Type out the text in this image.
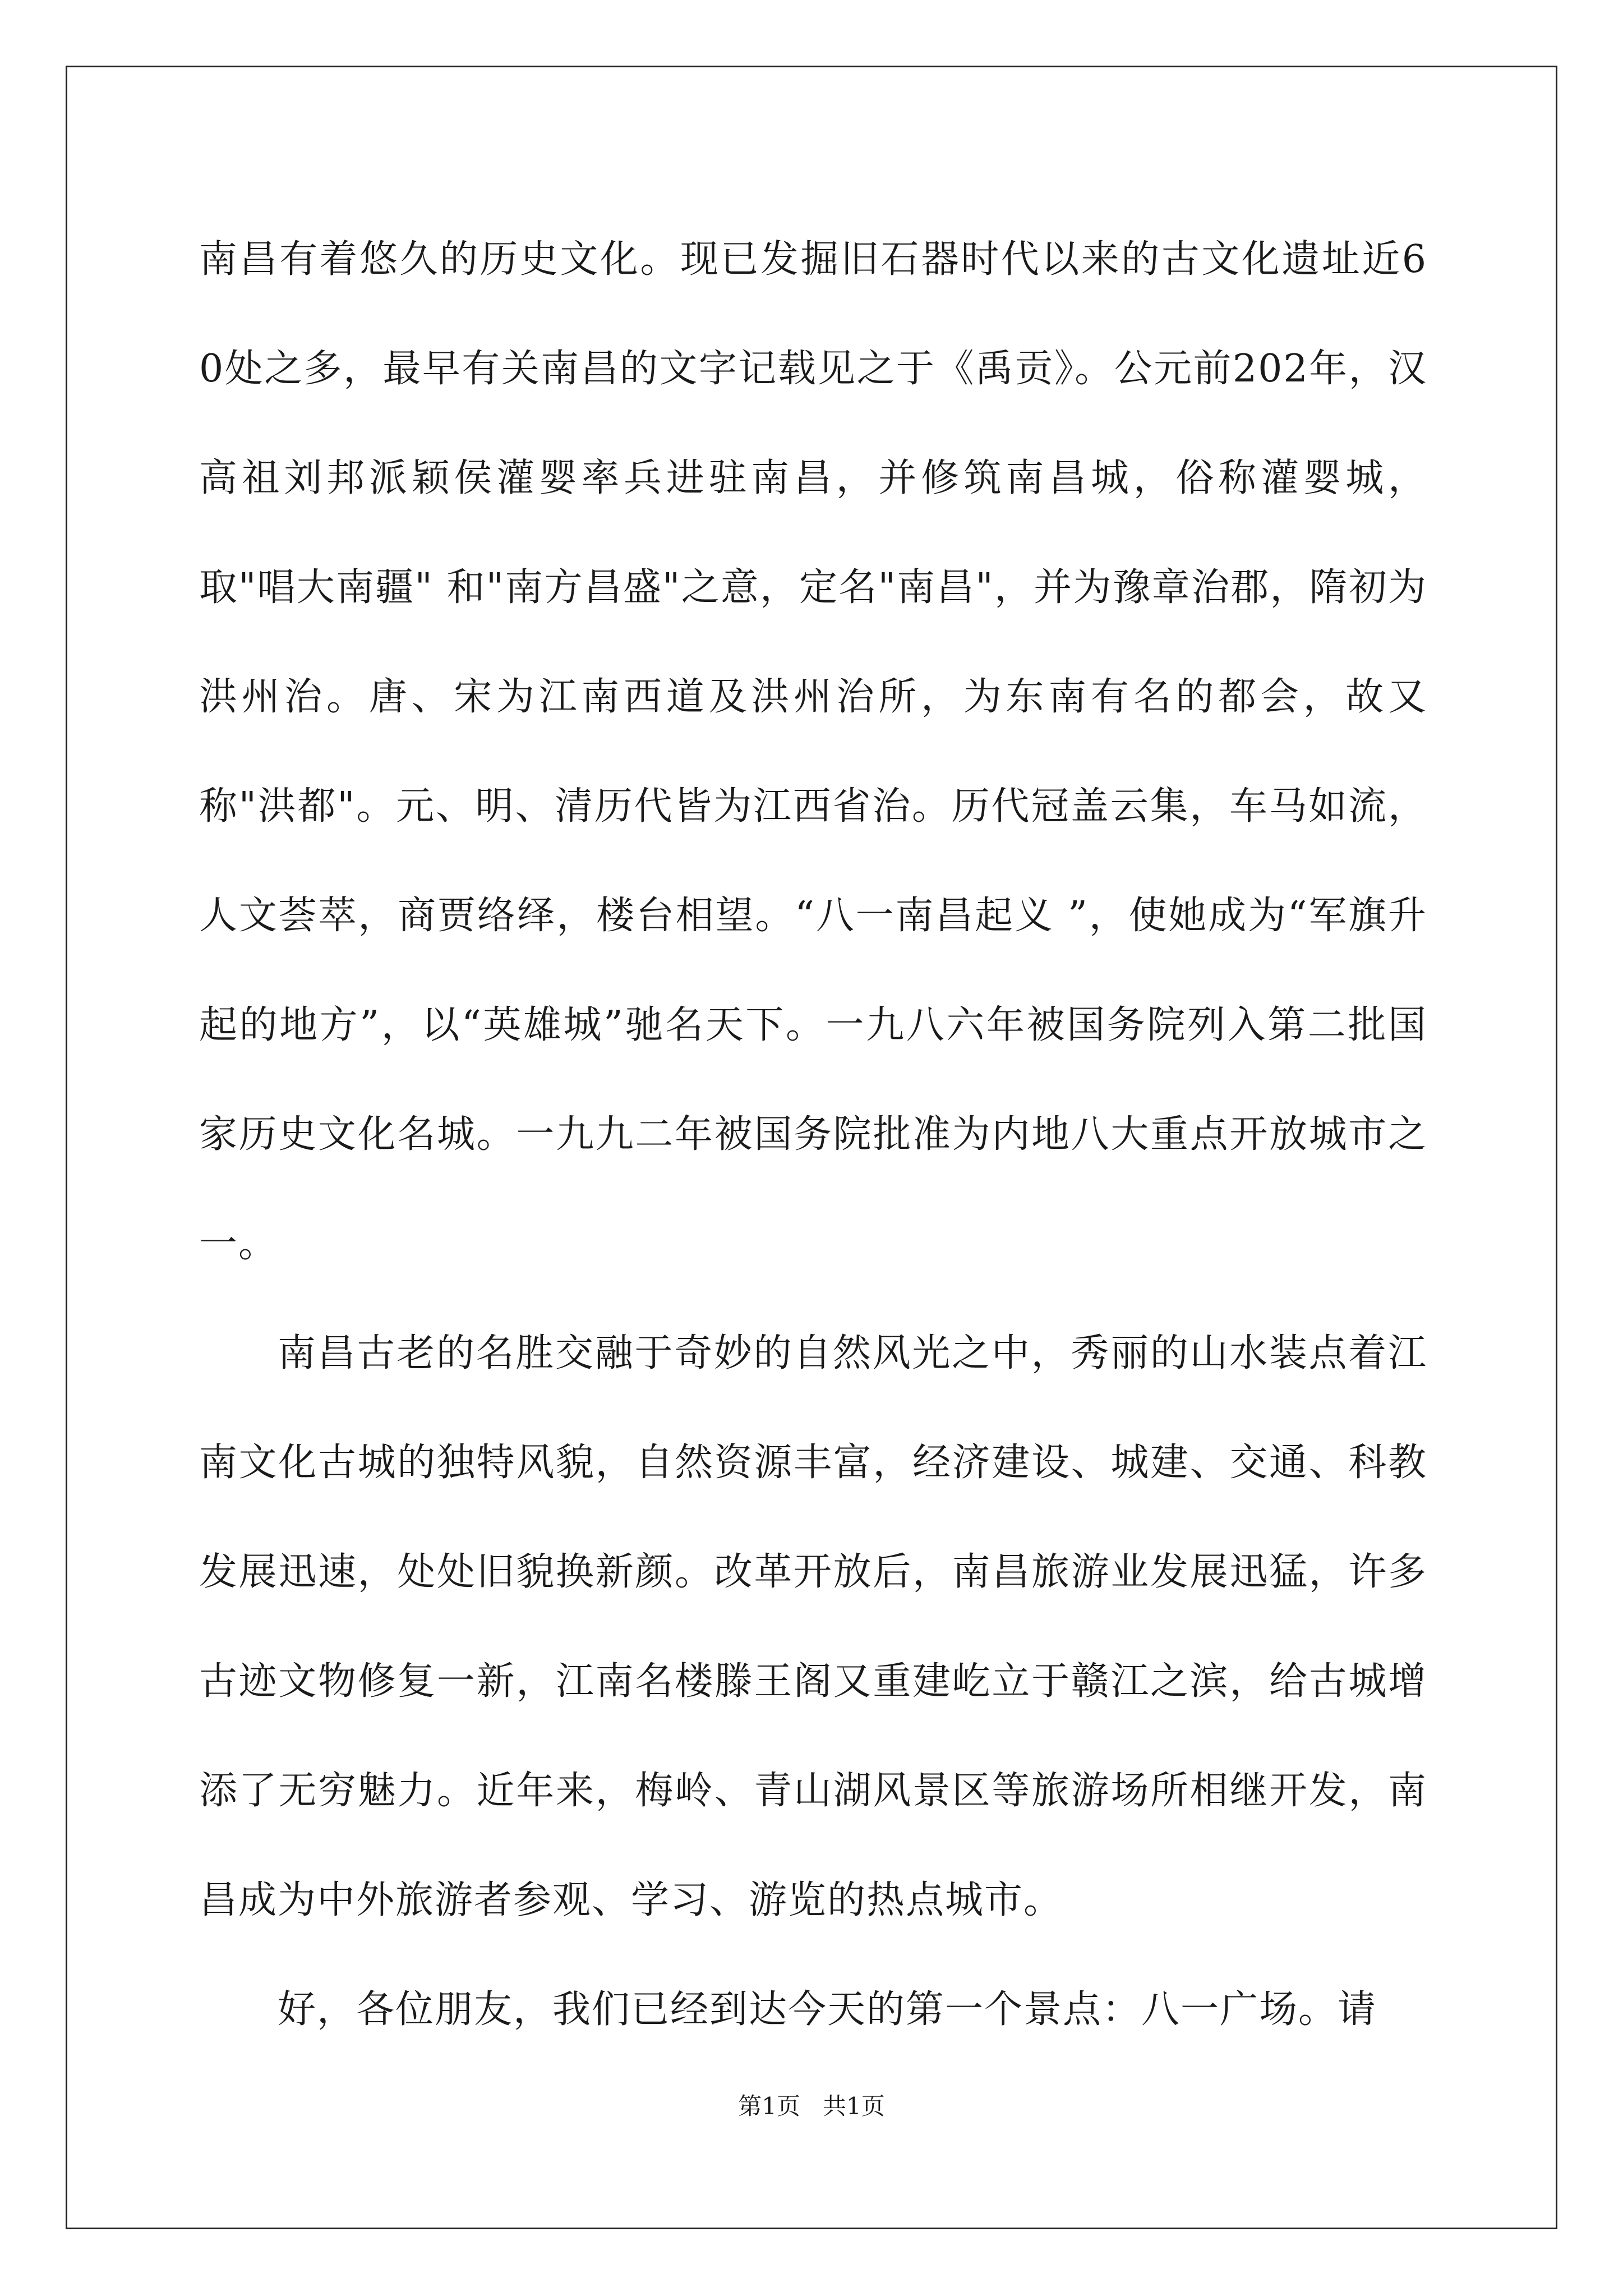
南昌有着悠久的历史文化。现已发掘旧石器时代以来的古文化遗址近60处之多，最早有关南昌的文字记载见之于《禹贡》。公元前202年，汉高祖刘邦派颖侯灌婴率兵进驻南昌，并修筑南昌城，俗称灌婴城，取"唱大南疆" 和"南方昌盛"之意，定名"南昌"，并为豫章治郡，隋初为洪州治。唐、宋为江南西道及洪州治所，为东南有名的都会，故又称"洪都"。元、明、清历代皆为江西省治。历代冠盖云集，车马如流，人文荟萃，商贾络绎，楼台相望。“八一南昌起义 ”，使她成为“军旗升起的地方”，以“英雄城”驰名天下。一九八六年被国务院列入第二批国家历史文化名城。一九九二年被国务院批准为内地八大重点开放城市之一。

南昌古老的名胜交融于奇妙的自然风光之中，秀丽的山水装点着江南文化古城的独特风貌，自然资源丰富，经济建设、城建、交通、科教发展迅速，处处旧貌换新颜。改革开放后，南昌旅游业发展迅猛，许多古迹文物修复一新，江南名楼滕王阁又重建屹立于赣江之滨，给古城增添了无穷魅力。近年来，梅岭、青山湖风景区等旅游场所相继开发，南昌成为中外旅游者参观、学习、游览的热点城市。

好，各位朋友，我们已经到达今天的第一个景点：八一广场。请

第1页 共1页
